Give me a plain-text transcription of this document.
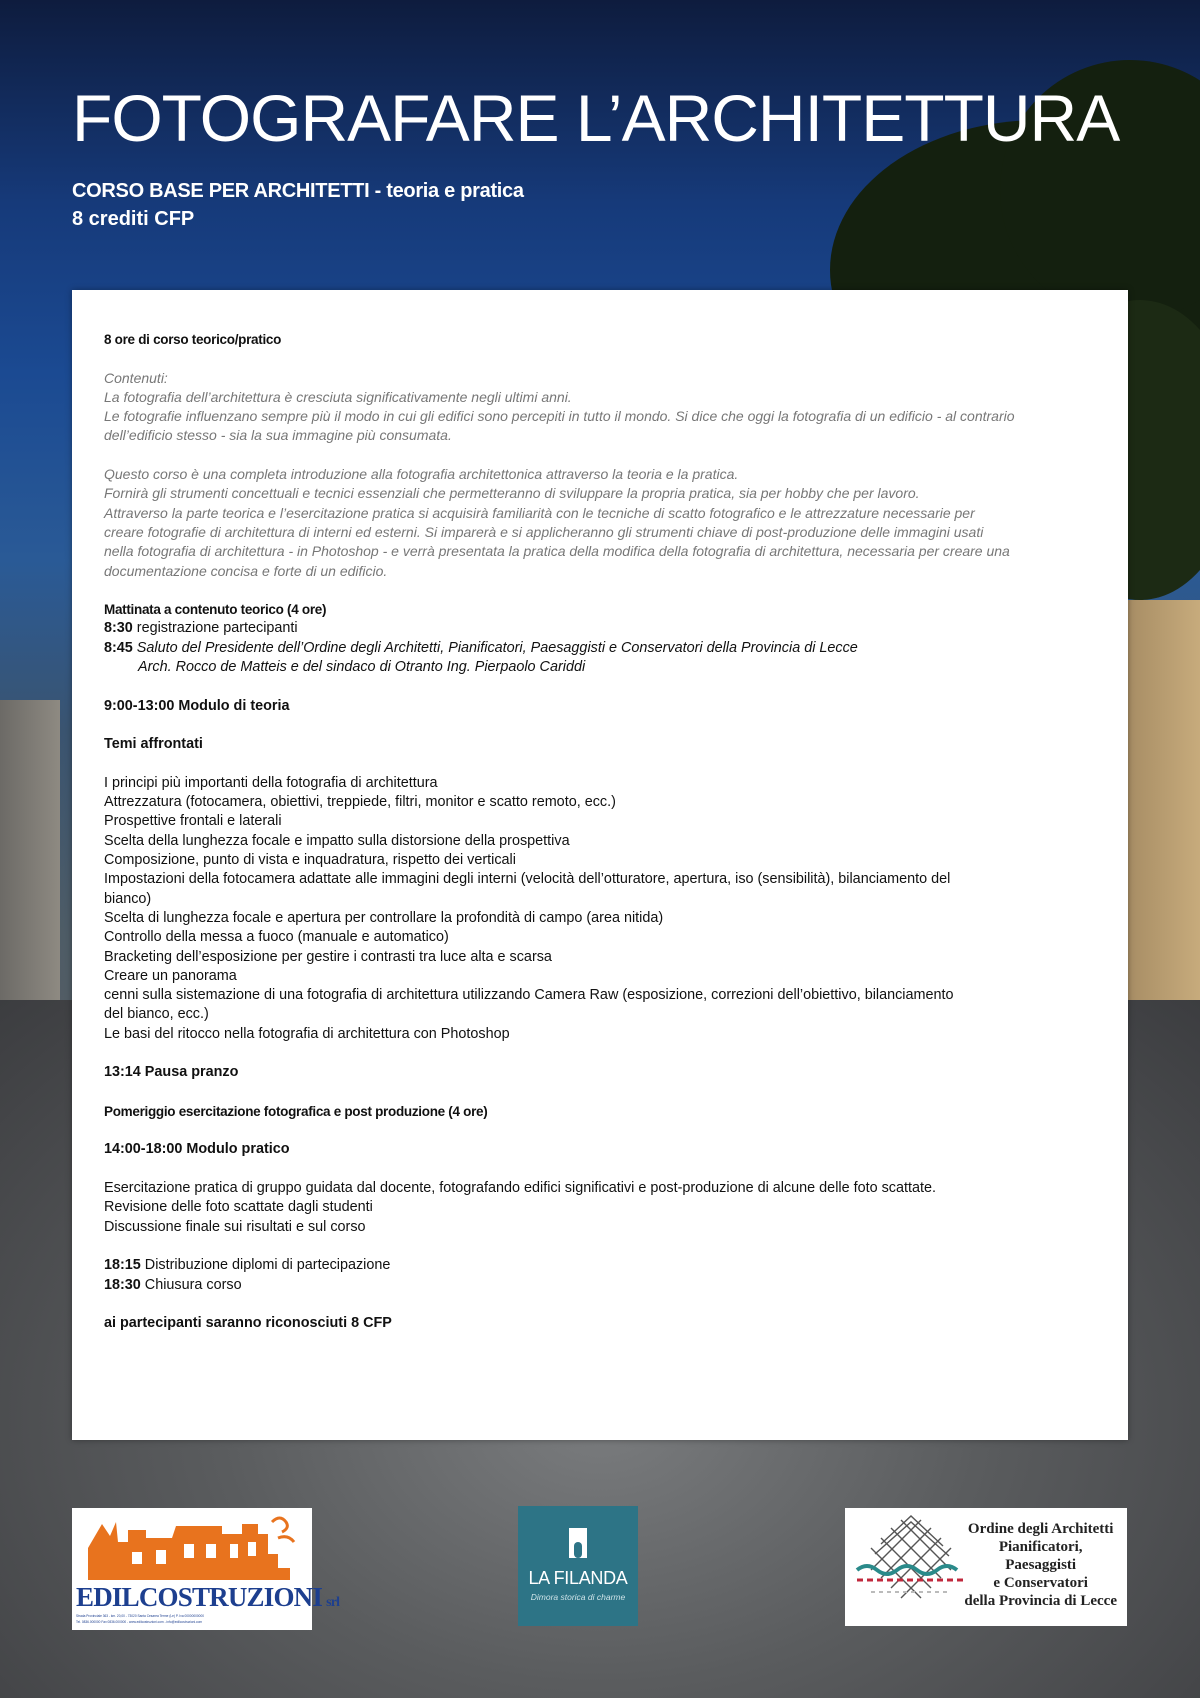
FOTOGRAFARE L’ARCHITETTURA
CORSO BASE PER ARCHITETTI - teoria e pratica
8 crediti CFP

8 ore di corso teorico/pratico

Contenuti:

La fotografia dell’architettura è cresciuta significativamente negli ultimi anni.

Le fotografie influenzano sempre più il modo in cui gli edifici sono percepiti in tutto il mondo. Si dice che oggi la fotografia di un edificio - al contrario

dell’edificio stesso - sia la sua immagine più consumata.

Questo corso è una completa introduzione alla fotografia architettonica attraverso la teoria e la pratica.

Fornirà gli strumenti concettuali e tecnici essenziali che permetteranno di sviluppare la propria pratica, sia per hobby che per lavoro.

Attraverso la parte teorica e l’esercitazione pratica si acquisirà familiarità con le tecniche di scatto fotografico e le attrezzature necessarie per

creare fotografie di architettura di interni ed esterni. Si imparerà e si applicheranno gli strumenti chiave di post-produzione delle immagini usati

nella fotografia di architettura - in Photoshop - e verrà presentata la pratica della modifica della fotografia di architettura, necessaria per creare una

documentazione concisa e forte di un edificio.

Mattinata a contenuto teorico (4 ore)

8:30 registrazione partecipanti

8:45 Saluto del Presidente dell’Ordine degli Architetti, Pianificatori, Paesaggisti e Conservatori della Provincia di Lecce

Arch. Rocco de Matteis e del sindaco di Otranto Ing. Pierpaolo Cariddi

9:00-13:00 Modulo di teoria

Temi affrontati

I principi più importanti della fotografia di architettura

Attrezzatura (fotocamera, obiettivi, treppiede, filtri, monitor e scatto remoto, ecc.)

Prospettive frontali e laterali

Scelta della lunghezza focale e impatto sulla distorsione della prospettiva

Composizione, punto di vista e inquadratura, rispetto dei verticali

Impostazioni della fotocamera adattate alle immagini degli interni (velocità dell’otturatore, apertura, iso (sensibilità), bilanciamento del

bianco)

Scelta di lunghezza focale e apertura per controllare la profondità di campo (area nitida)

Controllo della messa a fuoco (manuale e automatico)

Bracketing dell’esposizione per gestire i contrasti tra luce alta e scarsa

Creare un panorama

cenni sulla sistemazione di una fotografia di architettura utilizzando Camera Raw (esposizione, correzioni dell’obiettivo, bilanciamento

del bianco, ecc.)

Le basi del ritocco nella fotografia di architettura con Photoshop

13:14 Pausa pranzo

Pomeriggio esercitazione fotografica e post produzione (4 ore)

14:00-18:00 Modulo pratico

Esercitazione pratica di gruppo guidata dal docente, fotografando edifici significativi e post-produzione di alcune delle foto scattate.

Revisione delle foto scattate dagli studenti

Discussione finale sui risultati e sul corso

18:15 Distribuzione diplomi di partecipazione

18:30 Chiusura corso

ai partecipanti saranno riconosciuti 8 CFP

EDILCOSTRUZIONI srl
Strada Provinciale 363 - km. 20,00 - 73020 Santa Cesarea Terme (Le) P. Iva 00000000000
Tel. 0836.000000 Fax 0836.000000 - www.edilcostruzioni.com - info@edilcostruzioni.com
LA FILANDA
Dimora storica di charme
Ordine degli Architetti
Pianificatori,
Paesaggisti
e Conservatori
della Provincia di Lecce
